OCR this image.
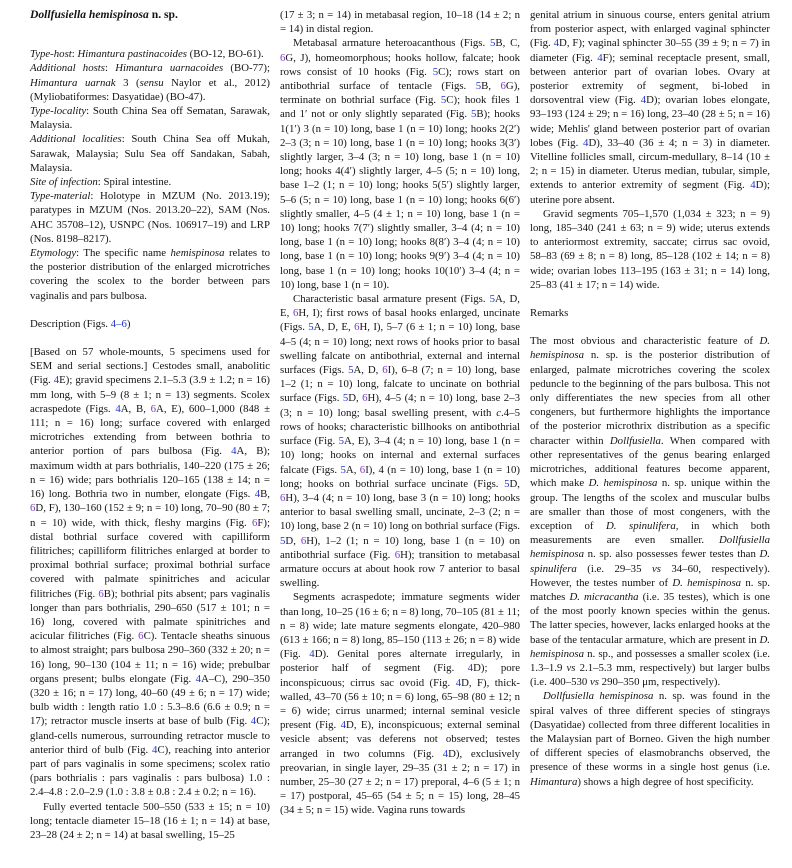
Dollfusiella hemispinosa n. sp.
Type-host: Himantura pastinacoides (BO-12, BO-61).
Additional hosts: Himantura uarnacoides (BO-77); Himantura uarnak 3 (sensu Naylor et al., 2012) (Myliobatiformes: Dasyatidae) (BO-47).
Type-locality: South China Sea off Sematan, Sarawak, Malaysia.
Additional localities: South China Sea off Mukah, Sarawak, Malaysia; Sulu Sea off Sandakan, Sabah, Malaysia.
Site of infection: Spiral intestine.
Type-material: Holotype in MZUM (No. 2013.19); paratypes in MZUM (Nos. 2013.20–22), SAM (Nos. AHC 35708–12), USNPC (Nos. 106917–19) and LRP (Nos. 8198–8217).
Etymology: The specific name hemispinosa relates to the posterior distribution of the enlarged microtriches covering the scolex to the border between pars vaginalis and pars bulbosa.
Description (Figs. 4–6)
[Based on 57 whole-mounts, 5 specimens used for SEM and serial sections.] Cestodes small, anabolitic (Fig. 4E); gravid specimens 2.1–5.3 (3.9 ± 1.2; n = 16) mm long, with 5–9 (8 ± 1; n = 13) segments. Scolex acraspedote (Figs. 4A, B, 6A, E), 600–1,000 (848 ± 111; n = 16) long; surface covered with enlarged microtriches extending from between bothria to anterior portion of pars bulbosa (Fig. 4A, B); maximum width at pars bothrialis, 140–220 (175 ± 26; n = 16) wide; pars bothrialis 120–165 (138 ± 14; n = 16) long. Bothria two in number, elongate (Figs. 4B, 6D, F), 130–160 (152 ± 9; n = 10) long, 70–90 (80 ± 7; n = 10) wide, with thick, fleshy margins (Fig. 6F); distal bothrial surface covered with capilliform filitriches; capilliform filitriches enlarged at border to proximal bothrial surface; proximal bothrial surface covered with palmate spinitriches and acicular filitriches (Fig. 6B); bothrial pits absent; pars vaginalis longer than pars bothrialis, 290–650 (517 ± 101; n = 16) long, covered with palmate spinitriches and acicular filitriches (Fig. 6C). Tentacle sheaths sinuous to almost straight; pars bulbosa 290–360 (332 ± 20; n = 16) long, 90–130 (104 ± 11; n = 16) wide; prebulbar organs present; bulbs elongate (Fig. 4A–C), 290–350 (320 ± 16; n = 17) long, 40–60 (49 ± 6; n = 17) wide; bulb width : length ratio 1.0 : 5.3–8.6 (6.6 ± 0.9; n = 17); retractor muscle inserts at base of bulb (Fig. 4C); gland-cells numerous, surrounding retractor muscle to anterior third of bulb (Fig. 4C), reaching into anterior part of pars vaginalis in some specimens; scolex ratio (pars bothrialis : pars vaginalis : pars bulbosa) 1.0 : 2.4–4.8 : 2.0–2.9 (1.0 : 3.8 ± 0.8 : 2.4 ± 0.2; n = 16).
Fully everted tentacle 500–550 (533 ± 15; n = 10) long; tentacle diameter 15–18 (16 ± 1; n = 14) at base, 23–28 (24 ± 2; n = 14) at basal swelling, 15–25
(17 ± 3; n = 14) in metabasal region, 10–18 (14 ± 2; n = 14) in distal region.
Metabasal armature heteroacanthous (Figs. 5B, C, 6G, J), homeomorphous; hooks hollow, falcate; hook rows consist of 10 hooks (Fig. 5C); rows start on antibothrial surface of tentacle (Figs. 5B, 6G), terminate on bothrial surface (Fig. 5C); hook files 1 and 1′ not or only slightly separated (Fig. 5B); hooks 1(1′) 3 (n = 10) long, base 1 (n = 10) long; hooks 2(2′) 2–3 (3; n = 10) long, base 1 (n = 10) long; hooks 3(3′) slightly larger, 3–4 (3; n = 10) long, base 1 (n = 10) long; hooks 4(4′) slightly larger, 4–5 (5; n = 10) long, base 1–2 (1; n = 10) long; hooks 5(5′) slightly larger, 5–6 (5; n = 10) long, base 1 (n = 10) long; hooks 6(6′) slightly smaller, 4–5 (4 ± 1; n = 10) long, base 1 (n = 10) long; hooks 7(7′) slightly smaller, 3–4 (4; n = 10) long, base 1 (n = 10) long; hooks 8(8′) 3–4 (4; n = 10) long, base 1 (n = 10) long; hooks 9(9′) 3–4 (4; n = 10) long, base 1 (n = 10) long; hooks 10(10′) 3–4 (4; n = 10) long, base 1 (n = 10).
Characteristic basal armature present (Figs. 5A, D, E, 6H, I); first rows of basal hooks enlarged, uncinate (Figs. 5A, D, E, 6H, I), 5–7 (6 ± 1; n = 10) long, base 4–5 (4; n = 10) long; next rows of hooks prior to basal swelling falcate on antibothrial, external and internal surfaces (Figs. 5A, D, 6I), 6–8 (7; n = 10) long, base 1–2 (1; n = 10) long, falcate to uncinate on bothrial surface (Figs. 5D, 6H), 4–5 (4; n = 10) long, base 2–3 (3; n = 10) long; basal swelling present, with c.4–5 rows of hooks; characteristic billhooks on antibothrial surface (Fig. 5A, E), 3–4 (4; n = 10) long, base 1 (n = 10) long; hooks on internal and external surfaces falcate (Figs. 5A, 6I), 4 (n = 10) long, base 1 (n = 10) long; hooks on bothrial surface uncinate (Figs. 5D, 6H), 3–4 (4; n = 10) long, base 3 (n = 10) long; hooks anterior to basal swelling small, uncinate, 2–3 (2; n = 10) long, base 2 (n = 10) long on bothrial surface (Figs. 5D, 6H), 1–2 (1; n = 10) long, base 1 (n = 10) on antibothrial surface (Fig. 6H); transition to metabasal armature occurs at about hook row 7 anterior to basal swelling.
Segments acraspedote; immature segments wider than long, 10–25 (16 ± 6; n = 8) long, 70–105 (81 ± 11; n = 8) wide; late mature segments elongate, 420–980 (613 ± 166; n = 8) long, 85–150 (113 ± 26; n = 8) wide (Fig. 4D). Genital pores alternate irregularly, in posterior half of segment (Fig. 4D); pore inconspicuous; cirrus sac ovoid (Fig. 4D, F), thick-walled, 43–70 (56 ± 10; n = 6) long, 65–98 (80 ± 12; n = 6) wide; cirrus unarmed; internal seminal vesicle present (Fig. 4D, E), inconspicuous; external seminal vesicle absent; vas deferens not observed; testes arranged in two columns (Fig. 4D), exclusively preovarian, in single layer, 29–35 (31 ± 2; n = 17) in number, 25–30 (27 ± 2; n = 17) preporal, 4–6 (5 ± 1; n = 17) postporal, 45–65 (54 ± 5; n = 15) long, 28–45 (34 ± 5; n = 15) wide. Vagina runs towards
genital atrium in sinuous course, enters genital atrium from posterior aspect, with enlarged vaginal sphincter (Fig. 4D, F); vaginal sphincter 30–55 (39 ± 9; n = 7) in diameter (Fig. 4F); seminal receptacle present, small, between anterior part of ovarian lobes. Ovary at posterior extremity of segment, bi-lobed in dorsoventral view (Fig. 4D); ovarian lobes elongate, 93–193 (124 ± 29; n = 16) long, 23–40 (28 ± 5; n = 16) wide; Mehlis' gland between posterior part of ovarian lobes (Fig. 4D), 33–40 (36 ± 4; n = 3) in diameter. Vitelline follicles small, circum-medullary, 8–14 (10 ± 2; n = 15) in diameter. Uterus median, tubular, simple, extends to anterior extremity of segment (Fig. 4D); uterine pore absent.
Gravid segments 705–1,570 (1,034 ± 323; n = 9) long, 185–340 (241 ± 63; n = 9) wide; uterus extends to anteriormost extremity, saccate; cirrus sac ovoid, 58–83 (69 ± 8; n = 8) long, 85–128 (102 ± 14; n = 8) wide; ovarian lobes 113–195 (163 ± 31; n = 14) long, 25–83 (41 ± 17; n = 14) wide.
Remarks
The most obvious and characteristic feature of D. hemispinosa n. sp. is the posterior distribution of enlarged, palmate microtriches covering the scolex peduncle to the beginning of the pars bulbosa. This not only differentiates the new species from all other congeners, but furthermore highlights the importance of the posterior microthrix distribution as a specific character within Dollfusiella. When compared with other representatives of the genus bearing enlarged microtriches, additional features become apparent, which make D. hemispinosa n. sp. unique within the group. The lengths of the scolex and muscular bulbs are smaller than those of most congeners, with the exception of D. spinulifera, in which both measurements are even smaller. Dollfusiella hemispinosa n. sp. also possesses fewer testes than D. spinulifera (i.e. 29–35 vs 34–60, respectively). However, the testes number of D. hemispinosa n. sp. matches D. micracantha (i.e. 35 testes), which is one of the most poorly known species within the genus. The latter species, however, lacks enlarged hooks at the base of the tentacular armature, which are present in D. hemispinosa n. sp., and possesses a smaller scolex (i.e. 1.3–1.9 vs 2.1–5.3 mm, respectively) but larger bulbs (i.e. 400–530 vs 290–350 μm, respectively).
Dollfusiella hemispinosa n. sp. was found in the spiral valves of three different species of stingrays (Dasyatidae) collected from three different localities in the Malaysian part of Borneo. Given the high number of different species of elasmobranchs observed, the presence of these worms in a single host genus (i.e. Himantura) shows a high degree of host specificity.
